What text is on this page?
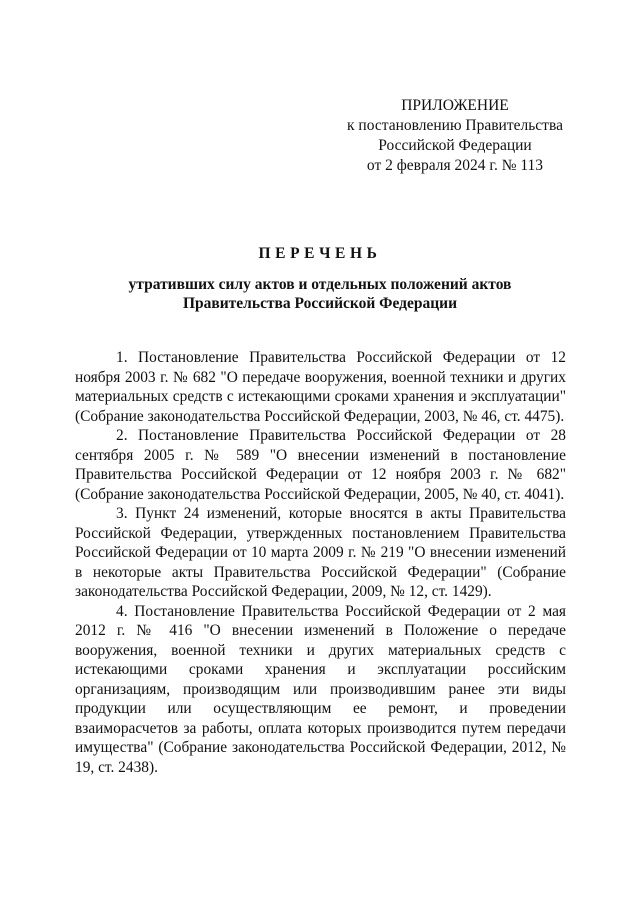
ПРИЛОЖЕНИЕ
к постановлению Правительства
Российской Федерации
от 2 февраля 2024 г. № 113
ПЕРЕЧЕНЬ
утративших силу актов и отдельных положений актов
Правительства Российской Федерации

1. Постановление Правительства Российской Федерации от 12 ноября 2003 г. № 682 "О передаче вооружения, военной техники и других материальных средств с истекающими сроками хранения и эксплуатации" (Собрание законодательства Российской Федерации, 2003, № 46, ст. 4475).

2. Постановление Правительства Российской Федерации от 28 сентября 2005 г. № 589 "О внесении изменений в постановление Правительства Российской Федерации от 12 ноября 2003 г. № 682" (Собрание законодательства Российской Федерации, 2005, № 40, ст. 4041).

3. Пункт 24 изменений, которые вносятся в акты Правительства Российской Федерации, утвержденных постановлением Правительства Российской Федерации от 10 марта 2009 г. № 219 "О внесении изменений в некоторые акты Правительства Российской Федерации" (Собрание законодательства Российской Федерации, 2009, № 12, ст. 1429).

4. Постановление Правительства Российской Федерации от 2 мая 2012 г. № 416 "О внесении изменений в Положение о передаче вооружения, военной техники и других материальных средств с истекающими сроками хранения и эксплуатации российским организациям, производящим или производившим ранее эти виды продукции или осуществляющим ее ремонт, и проведении взаиморасчетов за работы, оплата которых производится путем передачи имущества" (Собрание законодательства Российской Федерации, 2012, № 19, ст. 2438).
